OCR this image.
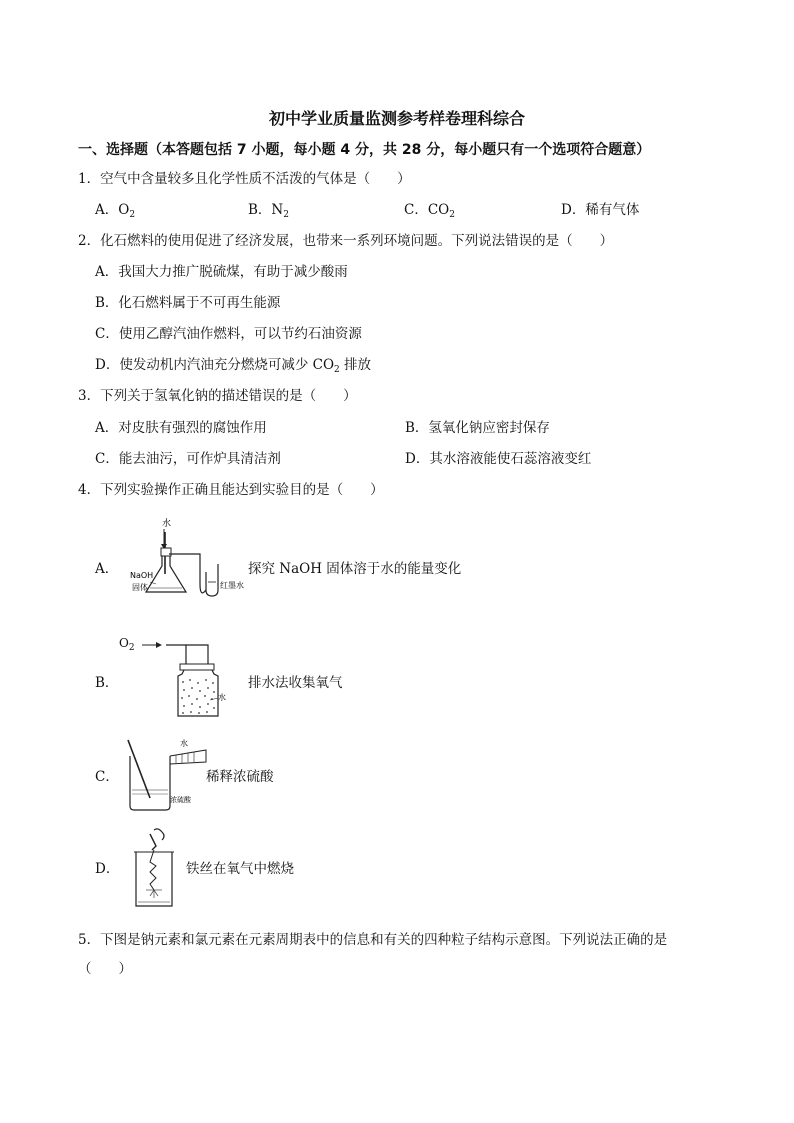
初中学业质量监测参考样卷理科综合
一、选择题（本答题包括 7 小题，每小题 4 分，共 28 分，每小题只有一个选项符合题意）
1．空气中含量较多且化学性质不活泼的气体是（　　）
A．$O_2$	B．$N_2$	C．$CO_2$	D．稀有气体
2．化石燃料的使用促进了经济发展，也带来一系列环境问题。下列说法错误的是（　　）
A．我国大力推广脱硫煤，有助于减少酸雨
B．化石燃料属于不可再生能源
C．使用乙醇汽油作燃料，可以节约石油资源
D．使发动机内汽油充分燃烧可减少 $CO_2$ 排放
3．下列关于氢氧化钠的描述错误的是（　　）
A．对皮肤有强烈的腐蚀作用	B．氢氧化钠应密封保存
C．能去油污，可作炉具清洁剂	D．其水溶液能使石蕊溶液变红
4．下列实验操作正确且能达到实验目的是（　　）
A．
水
NaOH
固体	红墨水
探究 NaOH 固体溶于水的能量变化
$O_2$
B．
水
排水法收集氧气
C．
水
浓硫酸
稀释浓硫酸
D．	铁丝在氧气中燃烧
5．下图是钠元素和氯元素在元素周期表中的信息和有关的四种粒子结构示意图。下列说法正确的是
（　　）
